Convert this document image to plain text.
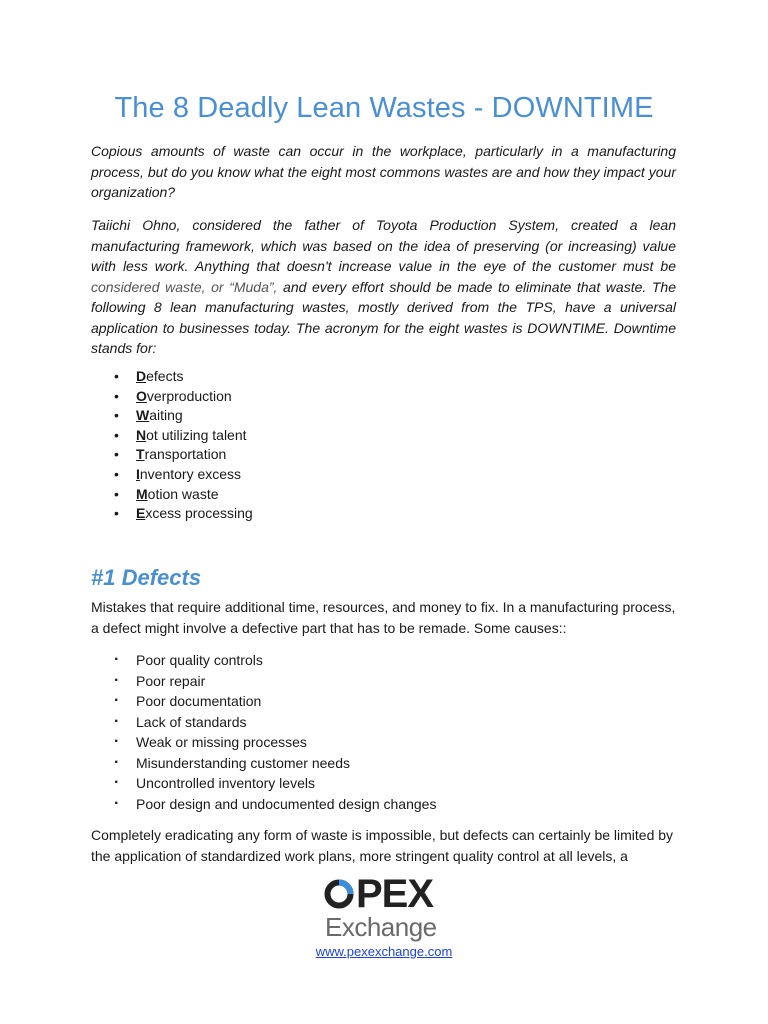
The 8 Deadly Lean Wastes - DOWNTIME

Copious amounts of waste can occur in the workplace, particularly in a manufacturing process, but do you know what the eight most commons wastes are and how they impact your organization?

Taiichi Ohno, considered the father of Toyota Production System, created a lean manufacturing framework, which was based on the idea of preserving (or increasing) value with less work. Anything that doesn't increase value in the eye of the customer must be considered waste, or “Muda”, and every effort should be made to eliminate that waste. The following 8 lean manufacturing wastes, mostly derived from the TPS, have a universal application to businesses today. The acronym for the eight wastes is DOWNTIME. Downtime stands for:

• Defects
• Overproduction
• Waiting
• Not utilizing talent
• Transportation
• Inventory excess
• Motion waste
• Excess processing
#1 Defects

Mistakes that require additional time, resources, and money to fix. In a manufacturing process, a defect might involve a defective part that has to be remade. Some causes::

· Poor quality controls
· Poor repair
· Poor documentation
· Lack of standards
· Weak or missing processes
· Misunderstanding customer needs
· Uncontrolled inventory levels
· Poor design and undocumented design changes

Completely eradicating any form of waste is impossible, but defects can certainly be limited by the application of standardized work plans, more stringent quality control at all levels, a

PEX
Exchange
www.pexexchange.com
